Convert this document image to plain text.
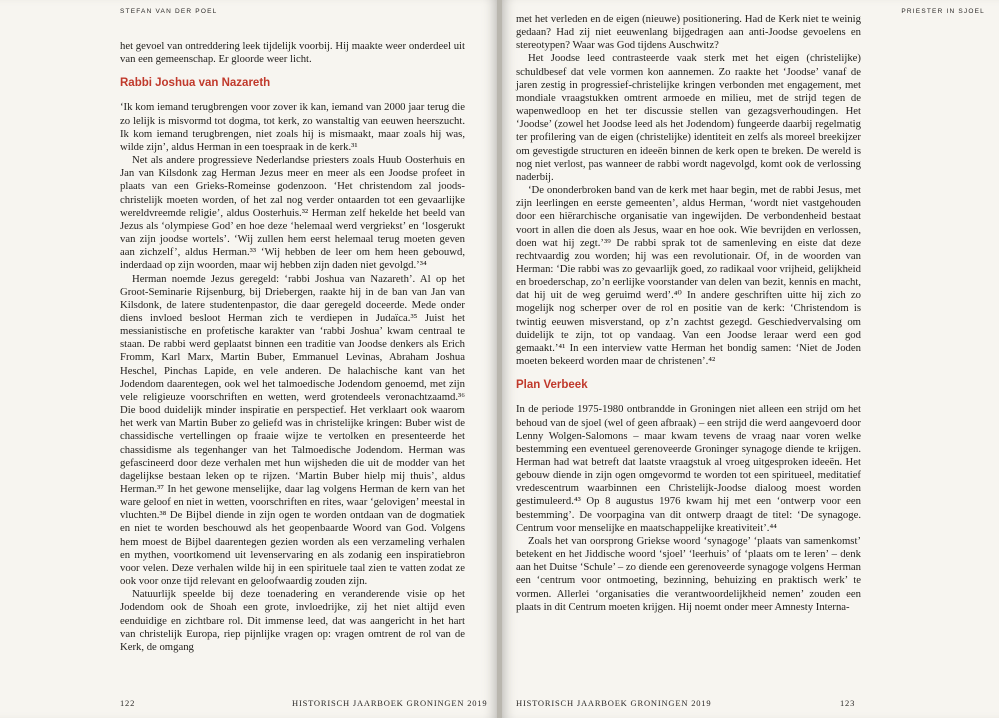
STEFAN VAN DER POEL

het gevoel van ontreddering leek tijdelijk voorbij. Hij maakte weer onderdeel uit van een gemeenschap. Er gloorde weer licht.

Rabbi Joshua van Nazareth

‘Ik kom iemand terugbrengen voor zover ik kan, iemand van 2000 jaar terug die zo lelijk is misvormd tot dogma, tot kerk, zo wanstaltig van eeuwen heerszucht. Ik kom iemand terugbrengen, niet zoals hij is mismaakt, maar zoals hij was, wilde zijn’, aldus Herman in een toespraak in de kerk.³¹

Net als andere progressieve Nederlandse priesters zoals Huub Oosterhuis en Jan van Kilsdonk zag Herman Jezus meer en meer als een Joodse profeet in plaats van een Grieks-Romeinse godenzoon. ‘Het christendom zal joods-christelijk moeten worden, of het zal nog verder ontaarden tot een gevaarlijke wereldvreemde religie’, aldus Oosterhuis.³² Herman zelf hekelde het beeld van Jezus als ‘olympiese God’ en hoe deze ‘helemaal werd vergriekst’ en ‘losgerukt van zijn joodse wortels’. ‘Wij zullen hem eerst helemaal terug moeten geven aan zichzelf’, aldus Herman.³³ ‘Wij hebben de leer om hem heen gebouwd, inderdaad op zijn woorden, maar wij hebben zijn daden niet gevolgd.’³⁴

Herman noemde Jezus geregeld: ‘rabbi Joshua van Nazareth’. Al op het Groot-Seminarie Rijsenburg, bij Driebergen, raakte hij in de ban van Jan van Kilsdonk, de latere studentenpastor, die daar geregeld doceerde. Mede onder diens invloed besloot Herman zich te verdiepen in Judaïca.³⁵ Juist het messianistische en profetische karakter van ‘rabbi Joshua’ kwam centraal te staan. De rabbi werd geplaatst binnen een traditie van Joodse denkers als Erich Fromm, Karl Marx, Martin Buber, Emmanuel Levinas, Abraham Joshua Heschel, Pinchas Lapide, en vele anderen. De halachische kant van het Jodendom daarentegen, ook wel het talmoedische Jodendom genoemd, met zijn vele religieuze voorschriften en wetten, werd grotendeels veronachtzaamd.³⁶ Die bood duidelijk minder inspiratie en perspectief. Het verklaart ook waarom het werk van Martin Buber zo geliefd was in christelijke kringen: Buber wist de chassidische vertellingen op fraaie wijze te vertolken en presenteerde het chassidisme als tegenhanger van het Talmoedische Jodendom. Herman was gefascineerd door deze verhalen met hun wijsheden die uit de modder van het dagelijkse bestaan leken op te rijzen. ‘Martin Buber hielp mij thuis’, aldus Herman.³⁷ In het gewone menselijke, daar lag volgens Herman de kern van het ware geloof en niet in wetten, voorschriften en rites, waar ‘gelovigen’ meestal in vluchten.³⁸ De Bijbel diende in zijn ogen te worden ontdaan van de dogmatiek en niet te worden beschouwd als het geopenbaarde Woord van God. Volgens hem moest de Bijbel daarentegen gezien worden als een verzameling verhalen en mythen, voortkomend uit levenservaring en als zodanig een inspiratiebron voor velen. Deze verhalen wilde hij in een spirituele taal zien te vatten zodat ze ook voor onze tijd relevant en geloofwaardig zouden zijn.

Natuurlijk speelde bij deze toenadering en veranderende visie op het Jodendom ook de Shoah een grote, invloedrijke, zij het niet altijd even eenduidige en zichtbare rol. Dit immense leed, dat was aangericht in het hart van christelijk Europa, riep pijnlijke vragen op: vragen omtrent de rol van de Kerk, de omgang

122	HISTORISCH JAARBOEK GRONINGEN 2019
PRIESTER IN SJOEL

met het verleden en de eigen (nieuwe) positionering. Had de Kerk niet te weinig gedaan? Had zij niet eeuwenlang bijgedragen aan anti-Joodse gevoelens en stereotypen? Waar was God tijdens Auschwitz?

Het Joodse leed contrasteerde vaak sterk met het eigen (christelijke) schuldbesef dat vele vormen kon aannemen. Zo raakte het ‘Joodse’ vanaf de jaren zestig in progressief-christelijke kringen verbonden met engagement, met mondiale vraagstukken omtrent armoede en milieu, met de strijd tegen de wapenwedloop en het ter discussie stellen van gezagsverhoudingen. Het ‘Joodse’ (zowel het Joodse leed als het Jodendom) fungeerde daarbij regelmatig ter profilering van de eigen (christelijke) identiteit en zelfs als moreel breekijzer om gevestigde structuren en ideeën binnen de kerk open te breken. De wereld is nog niet verlost, pas wanneer de rabbi wordt nagevolgd, komt ook de verlossing naderbij.

‘De ononderbroken band van de kerk met haar begin, met de rabbi Jesus, met zijn leerlingen en eerste gemeenten’, aldus Herman, ‘wordt niet vastgehouden door een hiërarchische organisatie van ingewijden. De verbondenheid bestaat voort in allen die doen als Jesus, waar en hoe ook. Wie bevrijden en verlossen, doen wat hij zegt.’³⁹ De rabbi sprak tot de samenleving en eiste dat deze rechtvaardig zou worden; hij was een revolutionair. Of, in de woorden van Herman: ‘Die rabbi was zo gevaarlijk goed, zo radikaal voor vrijheid, gelijkheid en broederschap, zo’n eerlijke voorstander van delen van bezit, kennis en macht, dat hij uit de weg geruimd werd’.⁴⁰ In andere geschriften uitte hij zich zo mogelijk nog scherper over de rol en positie van de kerk: ‘Christendom is twintig eeuwen misverstand, op z’n zachtst gezegd. Geschiedvervalsing om duidelijk te zijn, tot op vandaag. Van een Joodse leraar werd een god gemaakt.’⁴¹ In een interview vatte Herman het bondig samen: ‘Niet de Joden moeten bekeerd worden maar de christenen’.⁴²

Plan Verbeek

In de periode 1975-1980 ontbrandde in Groningen niet alleen een strijd om het behoud van de sjoel (wel of geen afbraak) – een strijd die werd aangevoerd door Lenny Wolgen-Salomons – maar kwam tevens de vraag naar voren welke bestemming een eventueel gerenoveerde Groninger synagoge diende te krijgen. Herman had wat betreft dat laatste vraagstuk al vroeg uitgesproken ideeën. Het gebouw diende in zijn ogen omgevormd te worden tot een spiritueel, meditatief vredescentrum waarbinnen een Christelijk-Joodse dialoog moest worden gestimuleerd.⁴³ Op 8 augustus 1976 kwam hij met een ‘ontwerp voor een bestemming’. De voorpagina van dit ontwerp draagt de titel: ‘De synagoge. Centrum voor menselijke en maatschappelijke kreativiteit’.⁴⁴

Zoals het van oorsprong Griekse woord ‘synagoge’ ‘plaats van samenkomst’ betekent en het Jiddische woord ‘sjoel’ ‘leerhuis’ of ‘plaats om te leren’ – denk aan het Duitse ‘Schule’ – zo diende een gerenoveerde synagoge volgens Herman een ‘centrum voor ontmoeting, bezinning, behuizing en praktisch werk’ te vormen. Allerlei ‘organisaties die verantwoordelijkheid nemen’ zouden een plaats in dit Centrum moeten krijgen. Hij noemt onder meer Amnesty Interna-

HISTORISCH JAARBOEK GRONINGEN 2019	123
